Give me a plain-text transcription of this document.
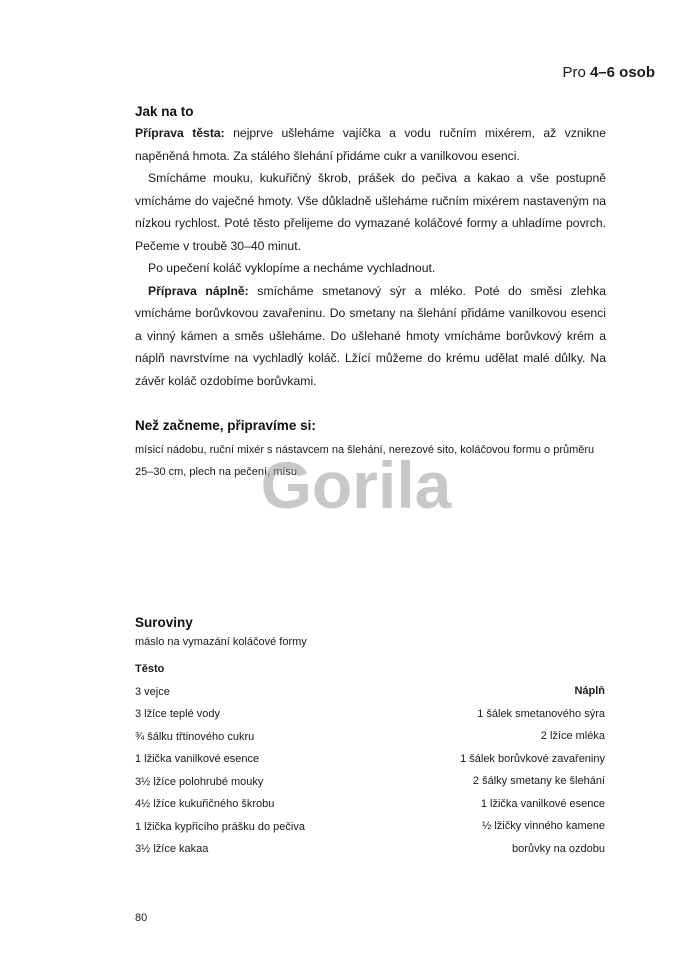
Pro 4–6 osob
Jak na to

Příprava těsta: nejprve ušleháme vajíčka a vodu ručním mixérem, až vznikne napěněná hmota. Za stálého šlehání přidáme cukr a vanilkovou esenci.

Smícháme mouku, kukuřičný škrob, prášek do pečiva a kakao a vše postupně vmícháme do vaječné hmoty. Vše důkladně ušleháme ručním mixérem nastaveným na nízkou rychlost. Poté těsto přelijeme do vymazané koláčové formy a uhladíme povrch. Pečeme v troubě 30–40 minut.

Po upečení koláč vyklopíme a necháme vychladnout.

Příprava náplně: smícháme smetanový sýr a mléko. Poté do směsi zlehka vmícháme borůvkovou zavařeninu. Do smetany na šlehání přidáme vanilkovou esenci a vinný kámen a směs ušleháme. Do ušlehané hmoty vmícháme borůvkový krém a náplň navrstvíme na vychladlý koláč. Lžící můžeme do krému udělat malé důlky. Na závěr koláč ozdobíme borůvkami.

Než začneme, připravíme si:
mísicí nádobu, ruční mixér s nástavcem na šlehání, nerezové sito, koláčovou formu o průměru 25–30 cm, plech na pečení, mísu
Gorila
Suroviny
máslo na vymazání koláčové formy
Těsto
3 vejce
3 lžíce teplé vody
¾ šálku třtinového cukru
1 lžička vanilkové esence
3½ lžíce polohrubé mouky
4½ lžíce kukuřičného škrobu
1 lžička kypřicího prášku do pečiva
3½ lžíce kakaa
Náplň
1 šálek smetanového sýra
2 lžíce mléka
1 šálek borůvkové zavařeniny
2 šálky smetany ke šlehání
1 lžička vanilkové esence
½ lžičky vinného kamene
borůvky na ozdobu
80
